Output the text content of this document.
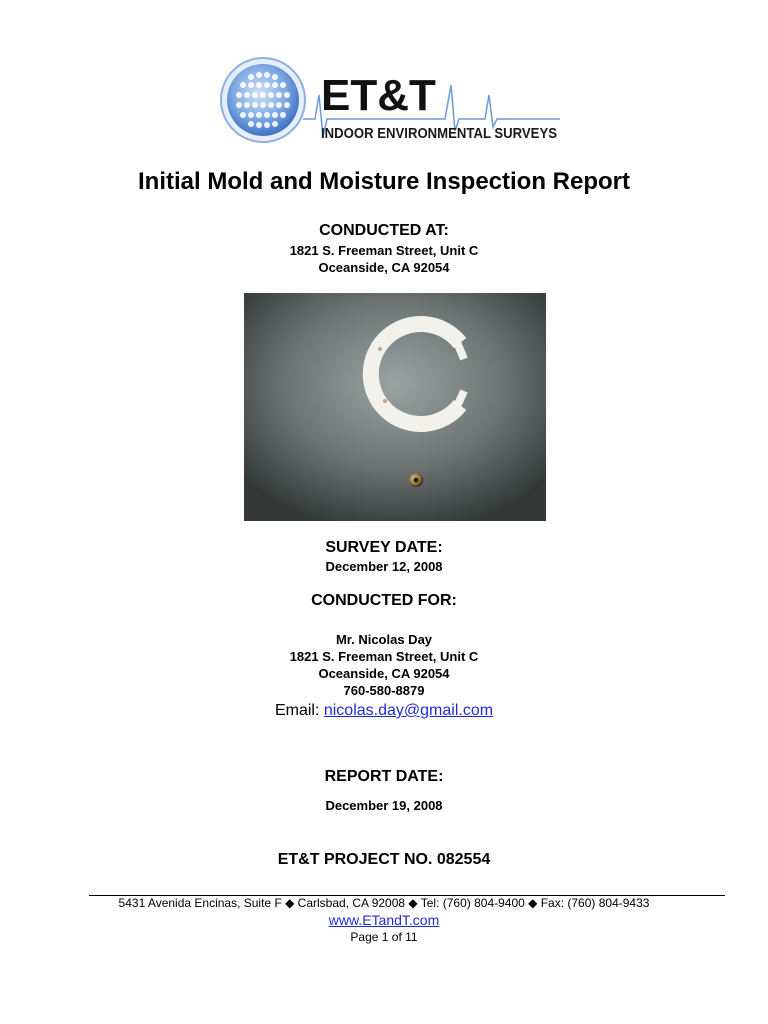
ET&T
INDOOR ENVIRONMENTAL SURVEYS
Initial Mold and Moisture Inspection Report
CONDUCTED AT:
1821 S. Freeman Street, Unit C
Oceanside, CA 92054
SURVEY DATE:
December 12, 2008
CONDUCTED FOR:
Mr. Nicolas Day
1821 S. Freeman Street, Unit C
Oceanside, CA 92054
760-580-8879
Email: nicolas.day@gmail.com
REPORT DATE:
December 19, 2008
ET&T PROJECT NO. 082554
5431 Avenida Encinas, Suite F ◆ Carlsbad, CA 92008 ◆ Tel: (760) 804-9400 ◆ Fax: (760) 804-9433
www.ETandT.com
Page 1 of 11
